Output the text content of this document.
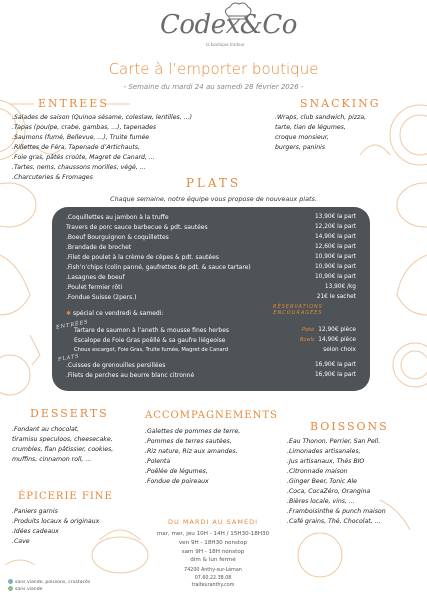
Codex&Co
la boutique traiteur
Carte à l’emporter boutique
- Semaine du mardi 24 au samedi 28 février 2026 -
ENTREES
.Salades de saison (Quinoa sésame, coleslaw, lentilles, ...)
.Tapas (poulpe, crabe, gambas, ...), tapenades
.Saumons (fumé, Bellevue, ...), Truite fumée
.Rillettes de Féra, Tapenade d’Artichauts,
.Foie gras, pâtés croûte, Magret de Canard, ...
.Tartes, nems, chaussons morilles, végé, ...
.Charcuteries & Fromages
SNACKING
.Wraps, club sandwich, pizza,
tarte, tian de légumes,
croque monsieur,
burgers, paninis
PLATS
Chaque semaine, notre équipe vous propose de nouveaux plats.
.Coquillettes au jambon à la truffe	13,90€ la part
Travers de porc sauce barbecue & pdt. sautées	12,20€ la part
.Boeuf Bourguignon & coquillettes	14,90€ la part
.Brandade de brochet	12,60€ la part
.Filet de poulet à la crème de cèpes & pdt. sautées	10,90€ la part
.Fish’n’chips (colin panné, gaufrettes de pdt. & sauce tartare)	10,90€ la part
.Lasagnes de boeuf	10,90€ la part
.Poulet fermier rôti	13,90€ /kg
.Fondue Suisse (2pers.)	21€ le sachet
✱ spécial ce vendredi & samedi:
RÉSERVATIONS
ENCOURAGÉES
ENTRÉES
PLATS
Tartare de saumon à l’aneth & mousse fines herbes	Poké 12,90€ pièce
Escalope de Foie Gras poêllé & sa gaufre liégeoise	Bowls 14,90€ pièce
Choux escargot, Foie Gras, Truite fumée, Magret de Canard	selon choix
.Cuisses de grenouilles persillées	16,90€ la part
.Filets de perches au beurre blanc citronné	16,90€ la part
DESSERTS
.Fondant au chocolat,
tiramisu speculoos, cheesecake,
crumbles, flan pâtissier, cookies,
muffins, cinnamon roll, ...
ACCOMPAGNEMENTS
.Galettes de pommes de terre,
.Pommes de terres sautées,
.Riz nature, Riz aux amandes,
.Polenta
.Poêlée de légumes,
.Fondue de poireaux
BOISSONS
.Eau Thonon, Perrier, San Pell.
.Limonades artisanales,
.Jus artisanaux, Thés BIO
.Citronnade maison
.Ginger Beer, Tonic Ale
.Coca, CocaZéro, Orangina
.Bières locale, vins, ...
.Framboisinthe & punch maison
.Café grains, Thé, Chocolat, ...
ÉPICERIE FINE
.Paniers garnis
.Produits locaux & originaux
.Idées cadeaux
.Cave
DU MARDI AU SAMEDI
mar, mer, jeu 10H - 14H / 15H30-18H30
ven 9H - 18H30 nonstop
sam 9H - 18H nonstop
dim & lun fermé
74200 Anthy-sur-Léman
07.60.22.38.08
traiteuranthy.com
sans viande, poissons, crustacés
sans viande
